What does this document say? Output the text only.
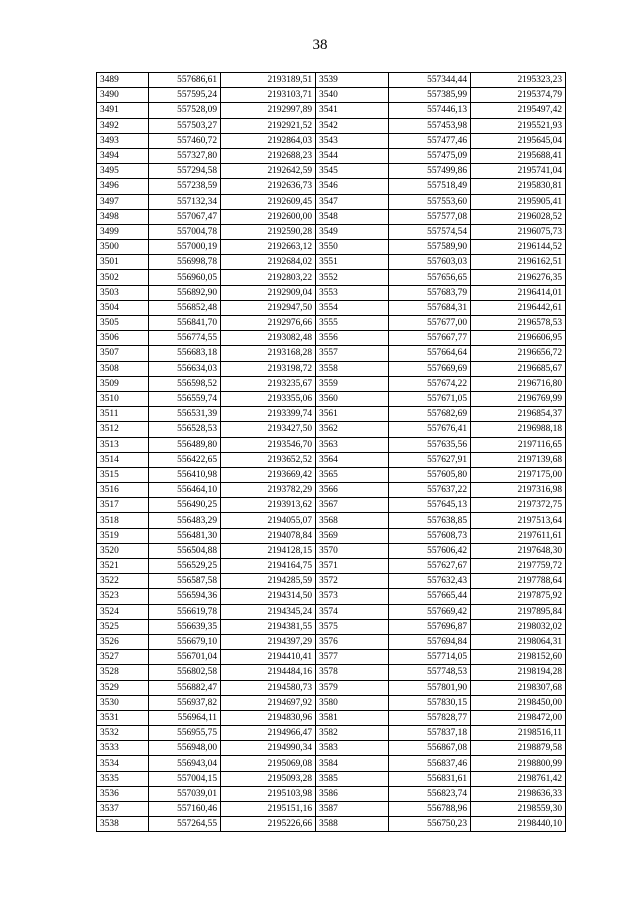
38
3489	557686,61	2193189,51	3539	557344,44	2195323,23
3490	557595,24	2193103,71	3540	557385,99	2195374,79
3491	557528,09	2192997,89	3541	557446,13	2195497,42
3492	557503,27	2192921,52	3542	557453,98	2195521,93
3493	557460,72	2192864,03	3543	557477,46	2195645,04
3494	557327,80	2192688,23	3544	557475,09	2195688,41
3495	557294,58	2192642,59	3545	557499,86	2195741,04
3496	557238,59	2192636,73	3546	557518,49	2195830,81
3497	557132,34	2192609,45	3547	557553,60	2195905,41
3498	557067,47	2192600,00	3548	557577,08	2196028,52
3499	557004,78	2192590,28	3549	557574,54	2196075,73
3500	557000,19	2192663,12	3550	557589,90	2196144,52
3501	556998,78	2192684,02	3551	557603,03	2196162,51
3502	556960,05	2192803,22	3552	557656,65	2196276,35
3503	556892,90	2192909,04	3553	557683,79	2196414,01
3504	556852,48	2192947,50	3554	557684,31	2196442,61
3505	556841,70	2192976,66	3555	557677,00	2196578,53
3506	556774,55	2193082,48	3556	557667,77	2196606,95
3507	556683,18	2193168,28	3557	557664,64	2196656,72
3508	556634,03	2193198,72	3558	557669,69	2196685,67
3509	556598,52	2193235,67	3559	557674,22	2196716,80
3510	556559,74	2193355,06	3560	557671,05	2196769,99
3511	556531,39	2193399,74	3561	557682,69	2196854,37
3512	556528,53	2193427,50	3562	557676,41	2196988,18
3513	556489,80	2193546,70	3563	557635,56	2197116,65
3514	556422,65	2193652,52	3564	557627,91	2197139,68
3515	556410,98	2193669,42	3565	557605,80	2197175,00
3516	556464,10	2193782,29	3566	557637,22	2197316,98
3517	556490,25	2193913,62	3567	557645,13	2197372,75
3518	556483,29	2194055,07	3568	557638,85	2197513,64
3519	556481,30	2194078,84	3569	557608,73	2197611,61
3520	556504,88	2194128,15	3570	557606,42	2197648,30
3521	556529,25	2194164,75	3571	557627,67	2197759,72
3522	556587,58	2194285,59	3572	557632,43	2197788,64
3523	556594,36	2194314,50	3573	557665,44	2197875,92
3524	556619,78	2194345,24	3574	557669,42	2197895,84
3525	556639,35	2194381,55	3575	557696,87	2198032,02
3526	556679,10	2194397,29	3576	557694,84	2198064,31
3527	556701,04	2194410,41	3577	557714,05	2198152,60
3528	556802,58	2194484,16	3578	557748,53	2198194,28
3529	556882,47	2194580,73	3579	557801,90	2198307,68
3530	556937,82	2194697,92	3580	557830,15	2198450,00
3531	556964,11	2194830,96	3581	557828,77	2198472,00
3532	556955,75	2194966,47	3582	557837,18	2198516,11
3533	556948,00	2194990,34	3583	556867,08	2198879,58
3534	556943,04	2195069,08	3584	556837,46	2198800,99
3535	557004,15	2195093,28	3585	556831,61	2198761,42
3536	557039,01	2195103,98	3586	556823,74	2198636,33
3537	557160,46	2195151,16	3587	556788,96	2198559,30
3538	557264,55	2195226,66	3588	556750,23	2198440,10
